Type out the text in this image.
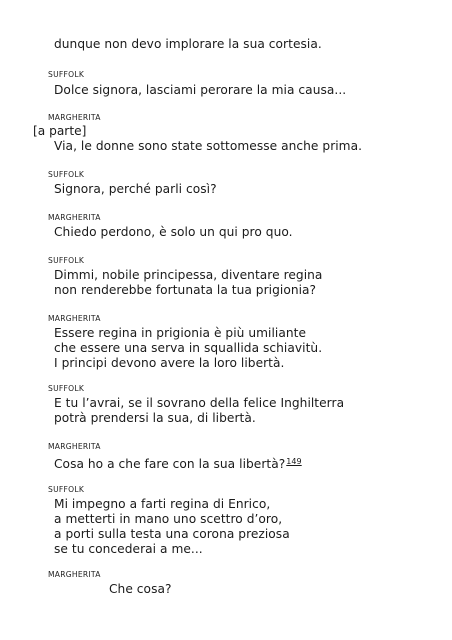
dunque non devo implorare la sua cortesia.
SUFFOLK
Dolce signora, lasciami perorare la mia causa...
MARGHERITA
[a parte]
Via, le donne sono state sottomesse anche prima.
SUFFOLK
Signora, perché parli così?
MARGHERITA
Chiedo perdono, è solo un qui pro quo.
SUFFOLK
Dimmi, nobile principessa, diventare regina
non renderebbe fortunata la tua prigionia?
MARGHERITA
Essere regina in prigionia è più umiliante
che essere una serva in squallida schiavitù.
I principi devono avere la loro libertà.
SUFFOLK
E tu l’avrai, se il sovrano della felice Inghilterra
potrà prendersi la sua, di libertà.
MARGHERITA
Cosa ho a che fare con la sua libertà?$^{149}$
SUFFOLK
Mi impegno a farti regina di Enrico,
a metterti in mano uno scettro d’oro,
a porti sulla testa una corona preziosa
se tu concederai a me...
MARGHERITA
Che cosa?
